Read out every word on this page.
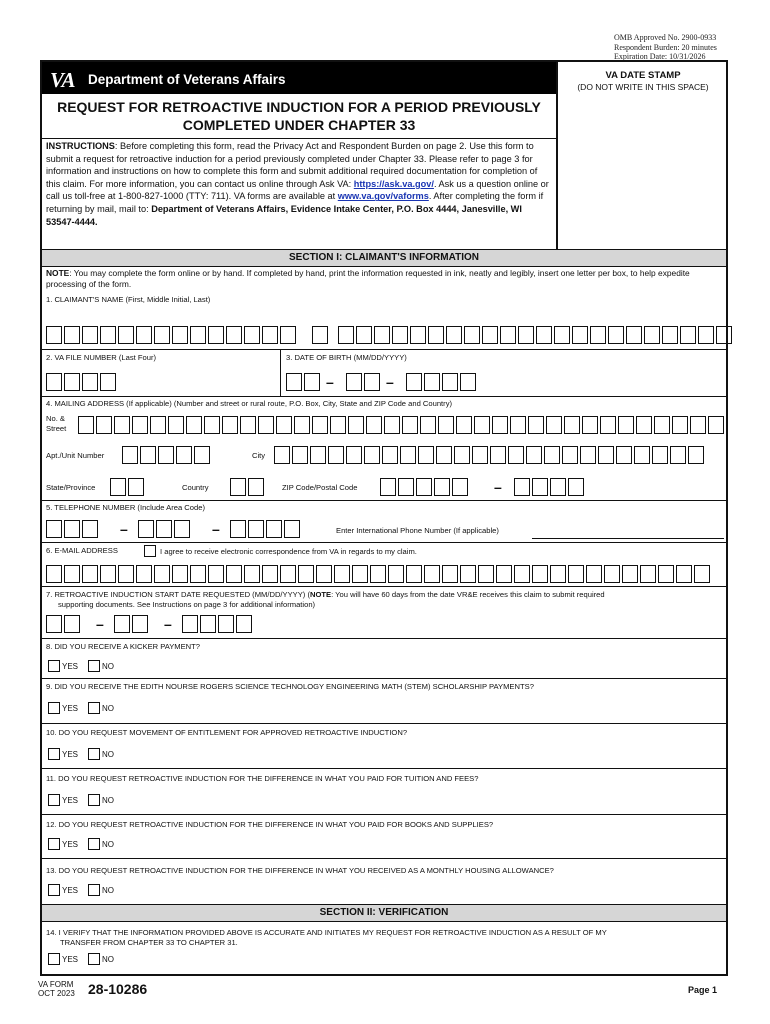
OMB Approved No. 2900-0933
Respondent Burden: 20 minutes
Expiration Date: 10/31/2026
VA Department of Veterans Affairs	VA DATE STAMP
(DO NOT WRITE IN THIS SPACE)
REQUEST FOR RETROACTIVE INDUCTION FOR A PERIOD PREVIOUSLY
COMPLETED UNDER CHAPTER 33
INSTRUCTIONS: Before completing this form, read the Privacy Act and Respondent Burden on page 2. Use this form to submit a request for retroactive induction for a period previously completed under Chapter 33. Please refer to page 3 for information and instructions on how to complete this form and submit additional required documentation for completion of this claim. For more information, you can contact us online through Ask VA: https://ask.va.gov/. Ask us a question online or call us toll-free at 1-800-827-1000 (TTY: 711). VA forms are available at www.va.gov/vaforms. After completing the form if returning by mail, mail to: Department of Veterans Affairs, Evidence Intake Center, P.O. Box 4444, Janesville, WI 53547-4444.
SECTION I: CLAIMANT'S INFORMATION
NOTE: You may complete the form online or by hand. If completed by hand, print the information requested in ink, neatly and legibly, insert one letter per box, to help expedite processing of the form.
1. CLAIMANT'S NAME (First, Middle Initial, Last)
2. VA FILE NUMBER (Last Four)	3. DATE OF BIRTH (MM/DD/YYYY)
–	–
4. MAILING ADDRESS (If applicable) (Number and street or rural route, P.O. Box, City, State and ZIP Code and Country)
No. &
Street
Apt./Unit Number	City
State/Province	Country	ZIP Code/Postal Code	–
5. TELEPHONE NUMBER (Include Area Code)
–	–	Enter International Phone Number (If applicable)
6. E-MAIL ADDRESS	I agree to receive electronic correspondence from VA in regards to my claim.
7. RETROACTIVE INDUCTION START DATE REQUESTED (MM/DD/YYYY) (NOTE: You will have 60 days from the date VR&E receives this claim to submit required
supporting documents. See Instructions on page 3 for additional information)
–	–
8. DID YOU RECEIVE A KICKER PAYMENT?
YES	NO
9. DID YOU RECEIVE THE EDITH NOURSE ROGERS SCIENCE TECHNOLOGY ENGINEERING MATH (STEM) SCHOLARSHIP PAYMENTS?
YES	NO
10. DO YOU REQUEST MOVEMENT OF ENTITLEMENT FOR APPROVED RETROACTIVE INDUCTION?
YES	NO
11. DO YOU REQUEST RETROACTIVE INDUCTION FOR THE DIFFERENCE IN WHAT YOU PAID FOR TUITION AND FEES?
YES	NO
12. DO YOU REQUEST RETROACTIVE INDUCTION FOR THE DIFFERENCE IN WHAT YOU PAID FOR BOOKS AND SUPPLIES?
YES	NO
13. DO YOU REQUEST RETROACTIVE INDUCTION FOR THE DIFFERENCE IN WHAT YOU RECEIVED AS A MONTHLY HOUSING ALLOWANCE?
YES	NO
SECTION II: VERIFICATION
14. I VERIFY THAT THE INFORMATION PROVIDED ABOVE IS ACCURATE AND INITIATES MY REQUEST FOR RETROACTIVE INDUCTION AS A RESULT OF MY
TRANSFER FROM CHAPTER 33 TO CHAPTER 31.
YES	NO
VA FORM
OCT 2023 28-10286	Page 1
